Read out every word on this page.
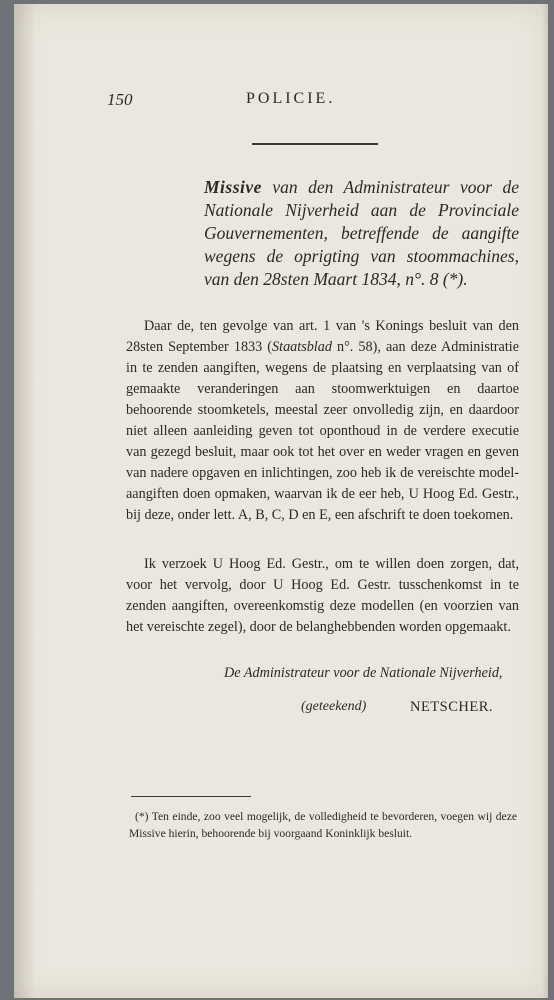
150	POLICIE.
Missive van den Administrateur voor de Nationale Nijverheid aan de Provinciale Gouvernementen, betreffende de aangifte wegens de oprigting van stoommachines, van den 28sten Maart 1834, n°. 8 (*).
Daar de, ten gevolge van art. 1 van 's Konings besluit van den 28sten September 1833 (Staatsblad n°. 58), aan deze Administratie in te zenden aangiften, wegens de plaatsing en verplaatsing van of gemaakte veranderingen aan stoomwerktuigen en daartoe behoorende stoomketels, meestal zeer onvolledig zijn, en daardoor niet alleen aanleiding geven tot oponthoud in de verdere executie van gezegd besluit, maar ook tot het over en weder vragen en geven van nadere opgaven en inlichtingen, zoo heb ik de vereischte model-aangiften doen opmaken, waarvan ik de eer heb, U Hoog Ed. Gestr., bij deze, onder lett. A, B, C, D en E, een afschrift te doen toekomen.
Ik verzoek U Hoog Ed. Gestr., om te willen doen zorgen, dat, voor het vervolg, door U Hoog Ed. Gestr. tusschenkomst in te zenden aangiften, overeenkomstig deze modellen (en voorzien van het vereischte zegel), door de belanghebbenden worden opgemaakt.
De Administrateur voor de Nationale Nijverheid,
(geteekend)	NETSCHER.
(*) Ten einde, zoo veel mogelijk, de volledigheid te bevorderen, voegen wij deze Missive hierin, behoorende bij voorgaand Koninklijk besluit.
